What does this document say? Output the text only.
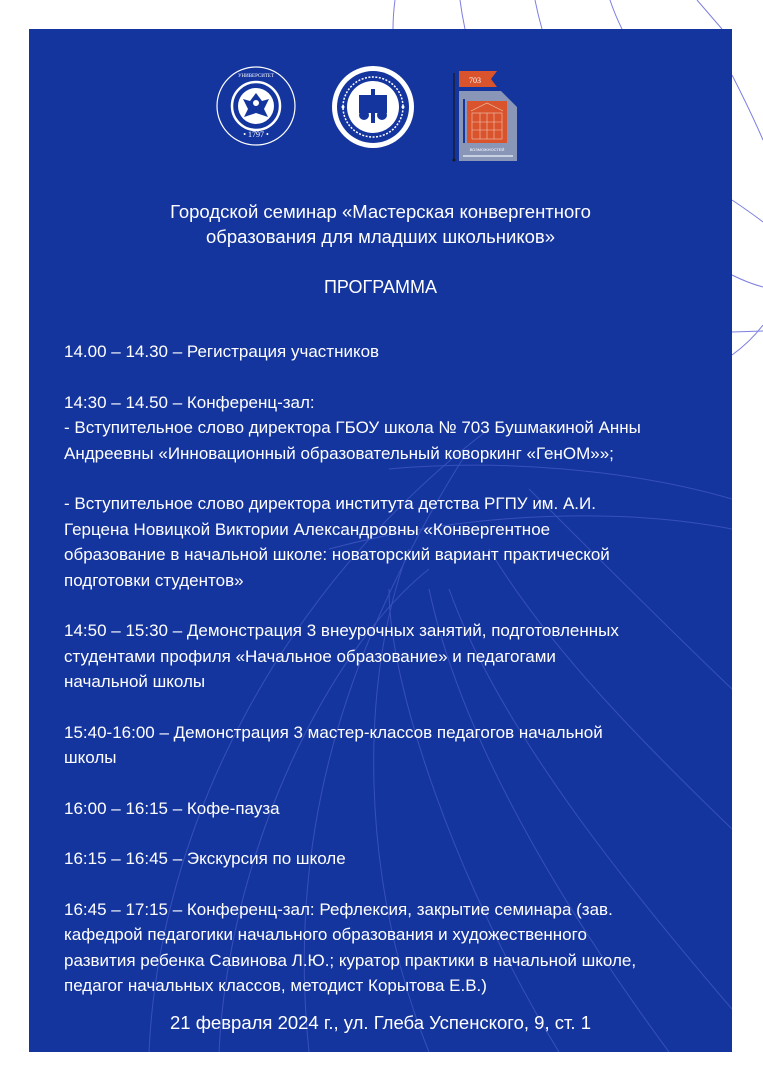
• 1797 •
УНИВЕРСИТЕТ	703
ВОЗМОЖНОСТЕЙ
Городской семинар «Мастерская конвергентного
образования для младших школьников»
ПРОГРАММА

14.00 – 14.30 – Регистрация участников

14:30 – 14.50 – Конференц-зал:

- Вступительное слово директора ГБОУ школа № 703 Бушмакиной Анны

Андреевны «Инновационный образовательный коворкинг «ГенОМ»»;

- Вступительное слово директора института детства РГПУ им. А.И.

Герцена Новицкой Виктории Александровны «Конвергентное

образование в начальной школе: новаторский вариант практической

подготовки студентов»

14:50 – 15:30 – Демонстрация 3 внеурочных занятий, подготовленных

студентами профиля «Начальное образование» и педагогами

начальной школы

15:40-16:00 – Демонстрация 3 мастер-классов педагогов начальной

школы

16:00 – 16:15 – Кофе-пауза

16:15 – 16:45 – Экскурсия по школе

16:45 – 17:15 – Конференц-зал: Рефлексия, закрытие семинара (зав.

кафедрой педагогики начального образования и художественного

развития ребенка Савинова Л.Ю.; куратор практики в начальной школе,

педагог начальных классов, методист Корытова Е.В.)

21 февраля 2024 г., ул. Глеба Успенского, 9, ст. 1
